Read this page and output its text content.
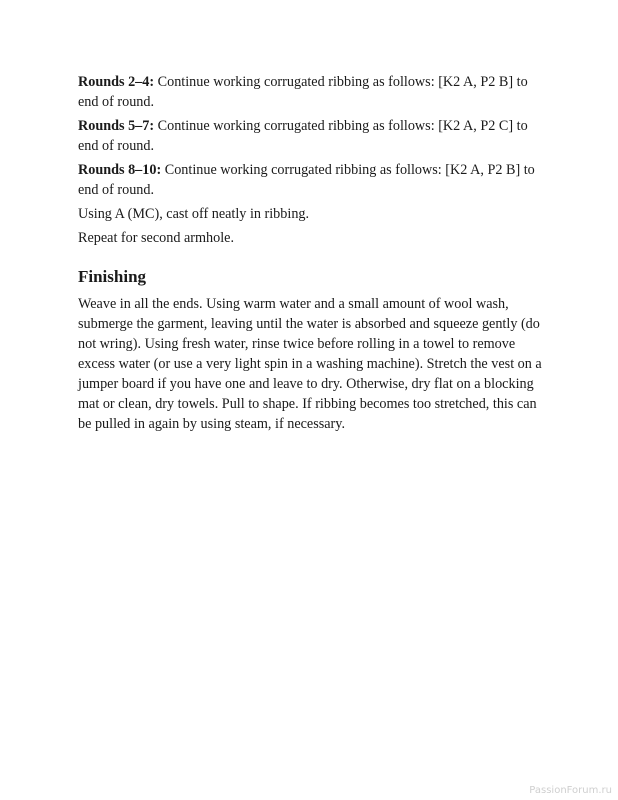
Rounds 2–4: Continue working corrugated ribbing as follows: [K2 A, P2 B] to end of round.

Rounds 5–7: Continue working corrugated ribbing as follows: [K2 A, P2 C] to end of round.

Rounds 8–10: Continue working corrugated ribbing as follows: [K2 A, P2 B] to end of round.

Using A (MC), cast off neatly in ribbing.

Repeat for second armhole.

Finishing

Weave in all the ends. Using warm water and a small amount of wool wash, submerge the garment, leaving until the water is absorbed and squeeze gently (do not wring). Using fresh water, rinse twice before rolling in a towel to remove excess water (or use a very light spin in a washing machine). Stretch the vest on a jumper board if you have one and leave to dry. Otherwise, dry flat on a blocking mat or clean, dry towels. Pull to shape. If ribbing becomes too stretched, this can be pulled in again by using steam, if necessary.

PassionForum.ru
